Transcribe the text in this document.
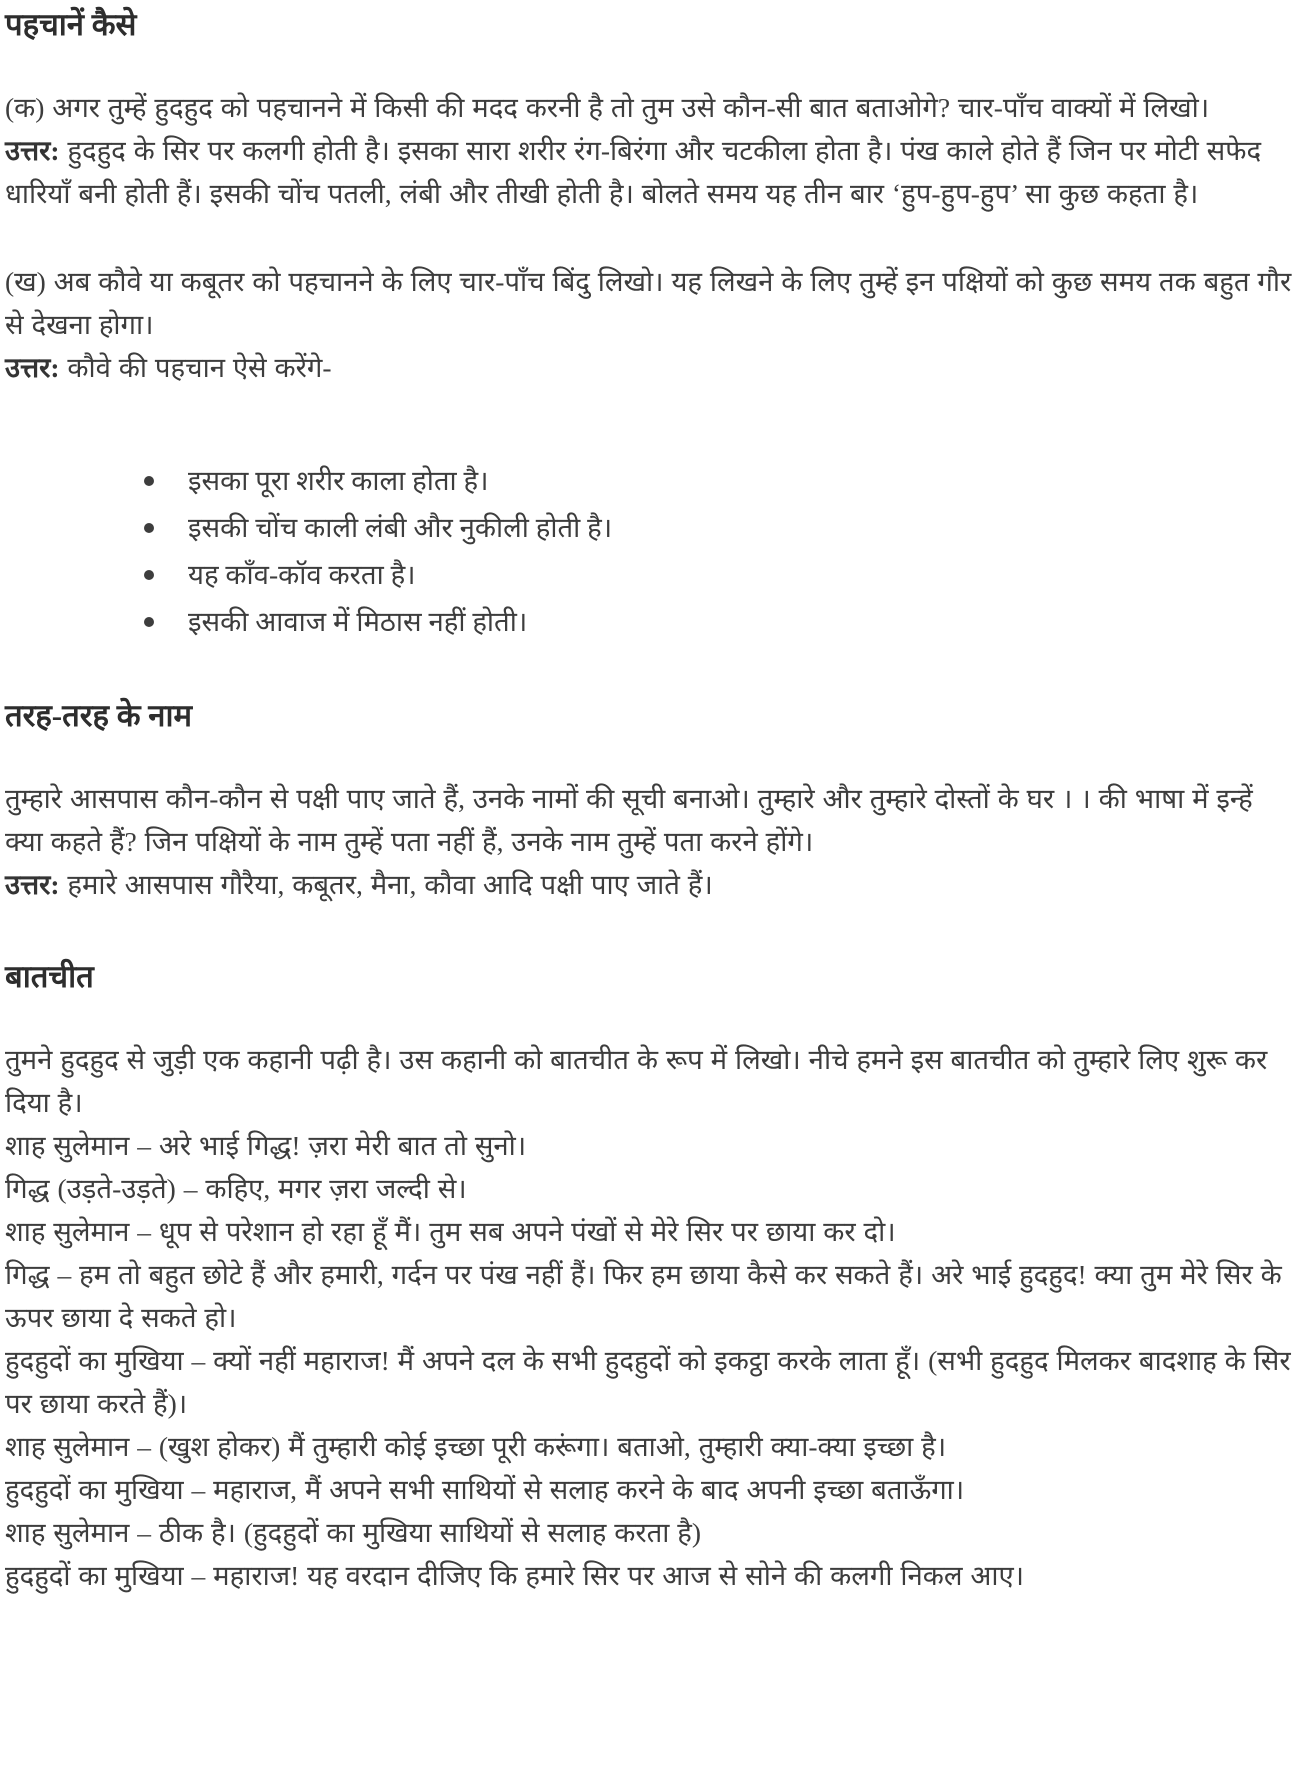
पहचानें कैसे

(क) अगर तुम्हें हुदहुद को पहचानने में किसी की मदद करनी है तो तुम उसे कौन-सी बात बताओगे? चार-पाँच वाक्यों में लिखो।
उत्तर: हुदहुद के सिर पर कलगी होती है। इसका सारा शरीर रंग-बिरंगा और चटकीला होता है। पंख काले होते हैं जिन पर मोटी सफेद धारियाँ बनी होती हैं। इसकी चोंच पतली, लंबी और तीखी होती है। बोलते समय यह तीन बार ‘हुप-हुप-हुप’ सा कुछ कहता है।

(ख) अब कौवे या कबूतर को पहचानने के लिए चार-पाँच बिंदु लिखो। यह लिखने के लिए तुम्हें इन पक्षियों को कुछ समय तक बहुत गौर से देखना होगा।
उत्तर: कौवे की पहचान ऐसे करेंगे-

इसका पूरा शरीर काला होता है।
इसकी चोंच काली लंबी और नुकीली होती है।
यह काँव-कॉव करता है।
इसकी आवाज में मिठास नहीं होती।
तरह-तरह के नाम

तुम्हारे आसपास कौन-कौन से पक्षी पाए जाते हैं, उनके नामों की सूची बनाओ। तुम्हारे और तुम्हारे दोस्तों के घर । । की भाषा में इन्हें क्या कहते हैं? जिन पक्षियों के नाम तुम्हें पता नहीं हैं, उनके नाम तुम्हें पता करने होंगे।
उत्तर: हमारे आसपास गौरैया, कबूतर, मैना, कौवा आदि पक्षी पाए जाते हैं।

बातचीत

तुमने हुदहुद से जुड़ी एक कहानी पढ़ी है। उस कहानी को बातचीत के रूप में लिखो। नीचे हमने इस बातचीत को तुम्हारे लिए शुरू कर दिया है।
शाह सुलेमान – अरे भाई गिद्ध! ज़रा मेरी बात तो सुनो।
गिद्ध (उड़ते-उड़ते) – कहिए, मगर ज़रा जल्दी से।
शाह सुलेमान – धूप से परेशान हो रहा हूँ मैं। तुम सब अपने पंखों से मेरे सिर पर छाया कर दो।
गिद्ध – हम तो बहुत छोटे हैं और हमारी, गर्दन पर पंख नहीं हैं। फिर हम छाया कैसे कर सकते हैं। अरे भाई हुदहुद! क्या तुम मेरे सिर के ऊपर छाया दे सकते हो।
हुदहुदों का मुखिया – क्यों नहीं महाराज! मैं अपने दल के सभी हुदहुदों को इकट्ठा करके लाता हूँ। (सभी हुदहुद मिलकर बादशाह के सिर पर छाया करते हैं)।
शाह सुलेमान – (खुश होकर) मैं तुम्हारी कोई इच्छा पूरी करूंगा। बताओ, तुम्हारी क्या-क्या इच्छा है।
हुदहुदों का मुखिया – महाराज, मैं अपने सभी साथियों से सलाह करने के बाद अपनी इच्छा बताऊँगा।
शाह सुलेमान – ठीक है। (हुदहुदों का मुखिया साथियों से सलाह करता है)
हुदहुदों का मुखिया – महाराज! यह वरदान दीजिए कि हमारे सिर पर आज से सोने की कलगी निकल आए।
